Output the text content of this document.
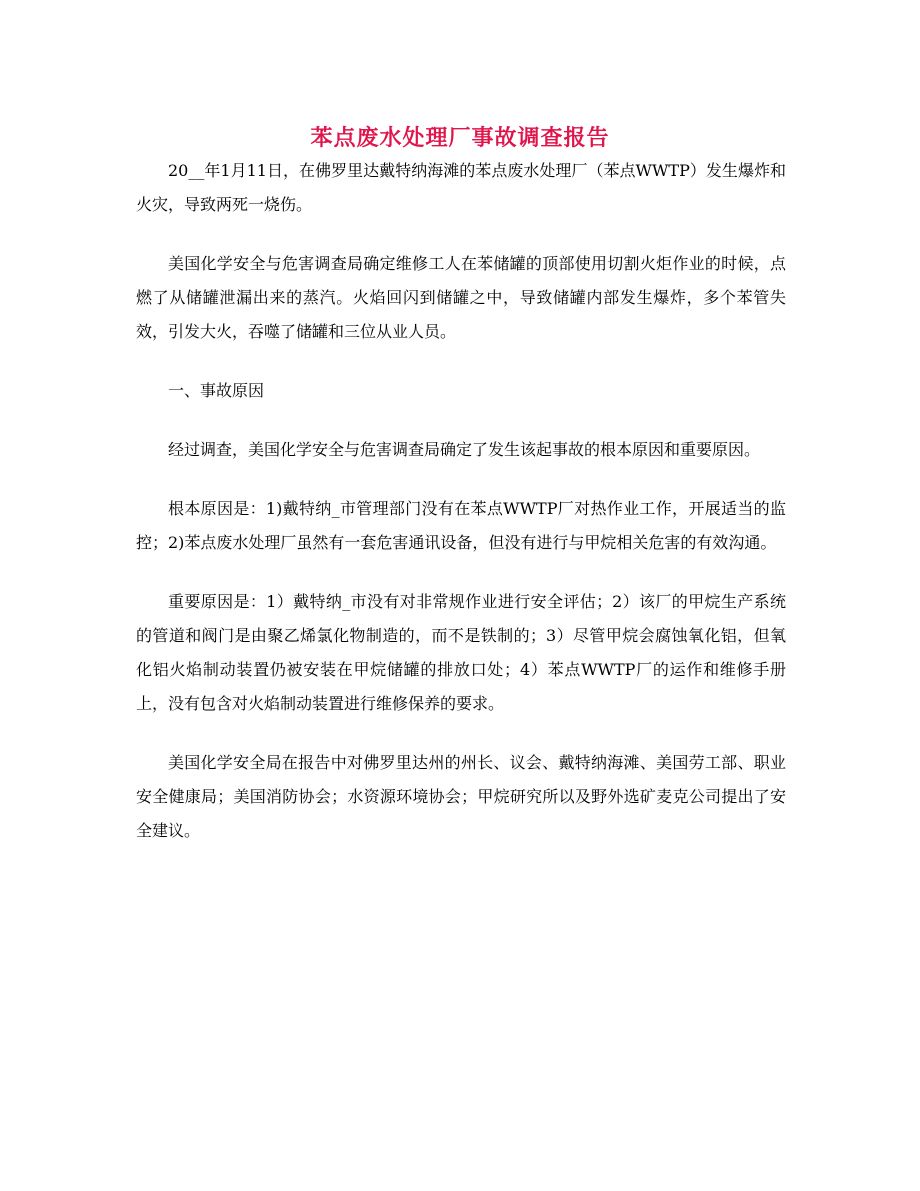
苯点废水处理厂事故调查报告

20__年1月11日，在佛罗里达戴特纳海滩的苯点废水处理厂（苯点WWTP）发生爆炸和火灾，导致两死一烧伤。

美国化学安全与危害调查局确定维修工人在苯储罐的顶部使用切割火炬作业的时候，点燃了从储罐泄漏出来的蒸汽。火焰回闪到储罐之中，导致储罐内部发生爆炸，多个苯管失效，引发大火，吞噬了储罐和三位从业人员。

一、事故原因

经过调查，美国化学安全与危害调查局确定了发生该起事故的根本原因和重要原因。

根本原因是：1)戴特纳_市管理部门没有在苯点WWTP厂对热作业工作，开展适当的监控；2)苯点废水处理厂虽然有一套危害通讯设备，但没有进行与甲烷相关危害的有效沟通。

重要原因是：1）戴特纳_市没有对非常规作业进行安全评估；2）该厂的甲烷生产系统的管道和阀门是由聚乙烯氯化物制造的，而不是铁制的；3）尽管甲烷会腐蚀氧化铝，但氧化铝火焰制动装置仍被安装在甲烷储罐的排放口处；4）苯点WWTP厂的运作和维修手册上，没有包含对火焰制动装置进行维修保养的要求。

美国化学安全局在报告中对佛罗里达州的州长、议会、戴特纳海滩、美国劳工部、职业安全健康局；美国消防协会；水资源环境协会；甲烷研究所以及野外选矿麦克公司提出了安全建议。
